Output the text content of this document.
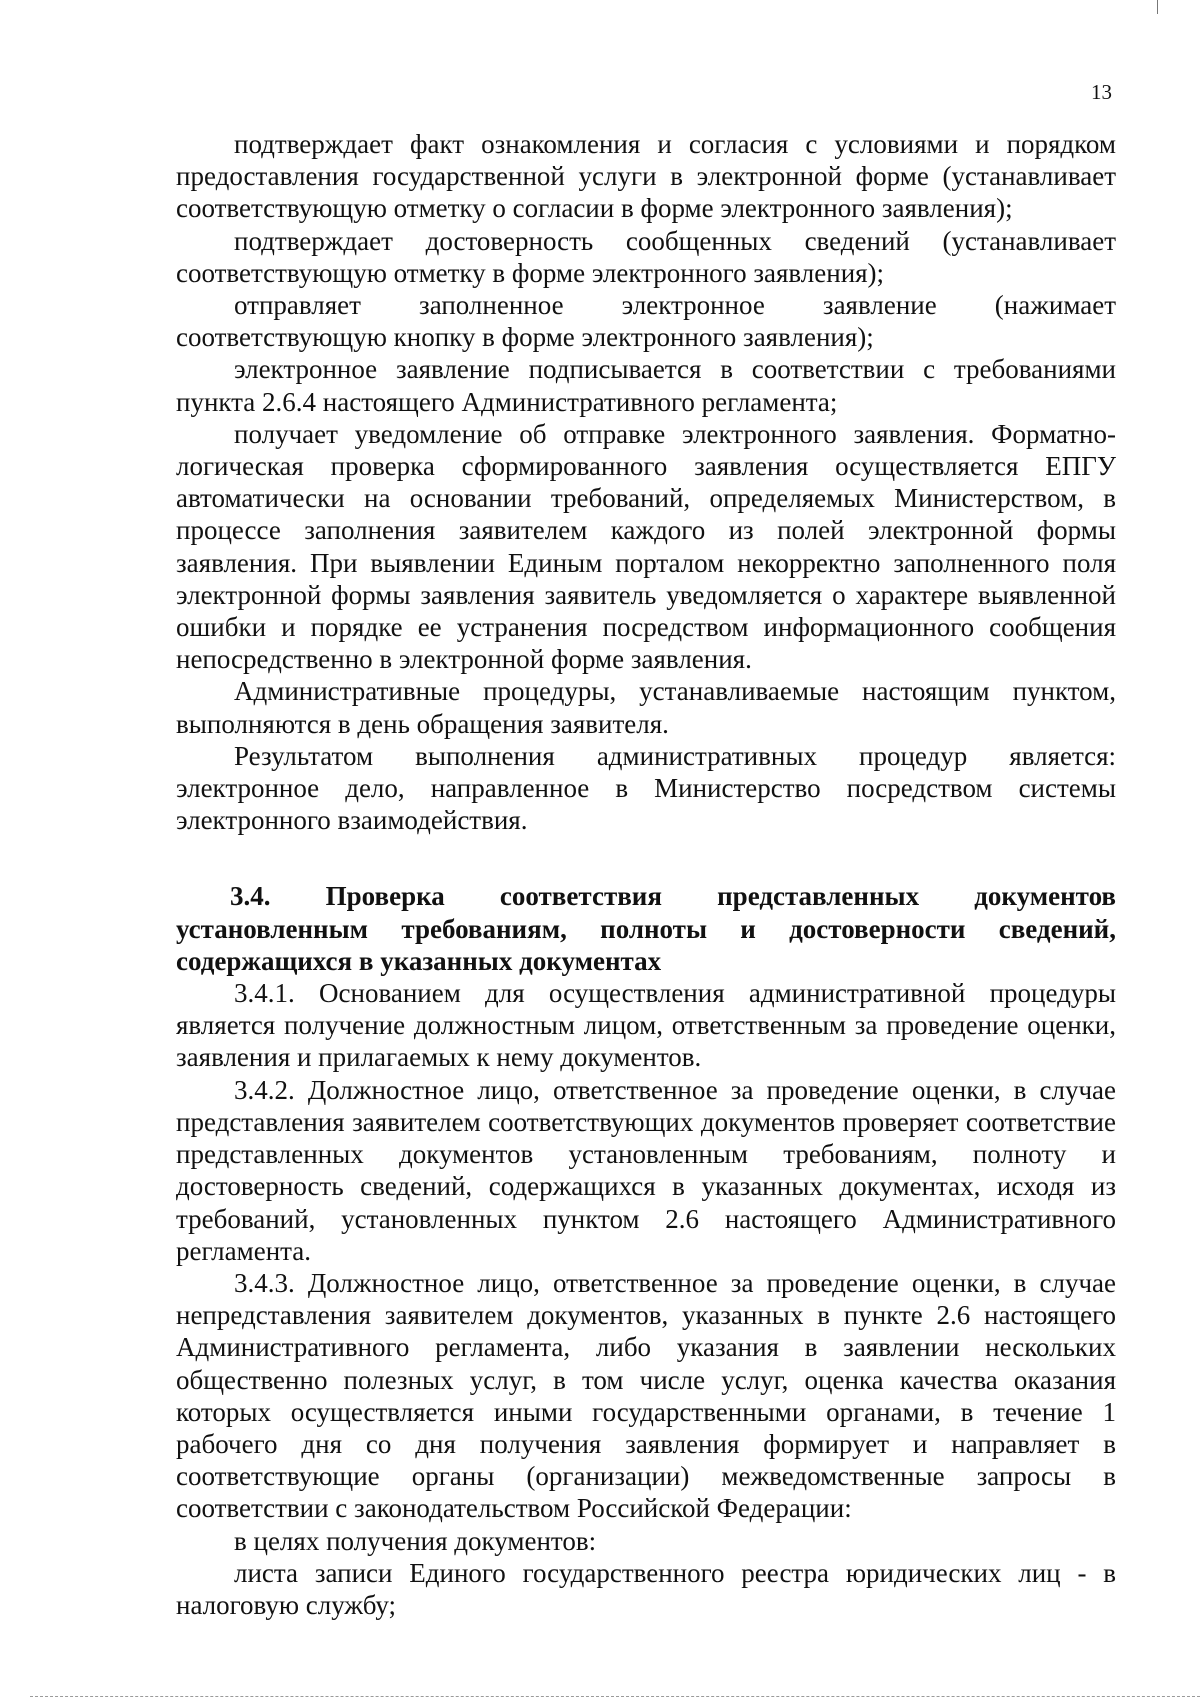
13

подтверждает факт ознакомления и согласия с условиями и порядком предоставления государственной услуги в электронной форме (устанавливает соответствующую отметку о согласии в форме электронного заявления);

подтверждает достоверность сообщенных сведений (устанавливает соответствующую отметку в форме электронного заявления);

отправляет заполненное электронное заявление (нажимает соответствующую кнопку в форме электронного заявления);

электронное заявление подписывается в соответствии с требованиями пункта 2.6.4 настоящего Административного регламента;

получает уведомление об отправке электронного заявления. Форматно-логическая проверка сформированного заявления осуществляется ЕПГУ автоматически на основании требований, определяемых Министерством, в процессе заполнения заявителем каждого из полей электронной формы заявления. При выявлении Единым порталом некорректно заполненного поля электронной формы заявления заявитель уведомляется о характере выявленной ошибки и порядке ее устранения посредством информационного сообщения непосредственно в электронной форме заявления.

Административные процедуры, устанавливаемые настоящим пунктом, выполняются в день обращения заявителя.

Результатом выполнения административных процедур является: электронное дело, направленное в Министерство посредством системы электронного взаимодействия.

3.4. Проверка соответствия представленных документов установленным требованиям, полноты и достоверности сведений, содержащихся в указанных документах

3.4.1. Основанием для осуществления административной процедуры является получение должностным лицом, ответственным за проведение оценки, заявления и прилагаемых к нему документов.

3.4.2. Должностное лицо, ответственное за проведение оценки, в случае представления заявителем соответствующих документов проверяет соответствие представленных документов установленным требованиям, полноту и достоверность сведений, содержащихся в указанных документах, исходя из требований, установленных пунктом 2.6 настоящего Административного регламента.

3.4.3. Должностное лицо, ответственное за проведение оценки, в случае непредставления заявителем документов, указанных в пункте 2.6 настоящего Административного регламента, либо указания в заявлении нескольких общественно полезных услуг, в том числе услуг, оценка качества оказания которых осуществляется иными государственными органами, в течение 1 рабочего дня со дня получения заявления формирует и направляет в соответствующие органы (организации) межведомственные запросы в соответствии с законодательством Российской Федерации:

в целях получения документов:

листа записи Единого государственного реестра юридических лиц - в налоговую службу;
